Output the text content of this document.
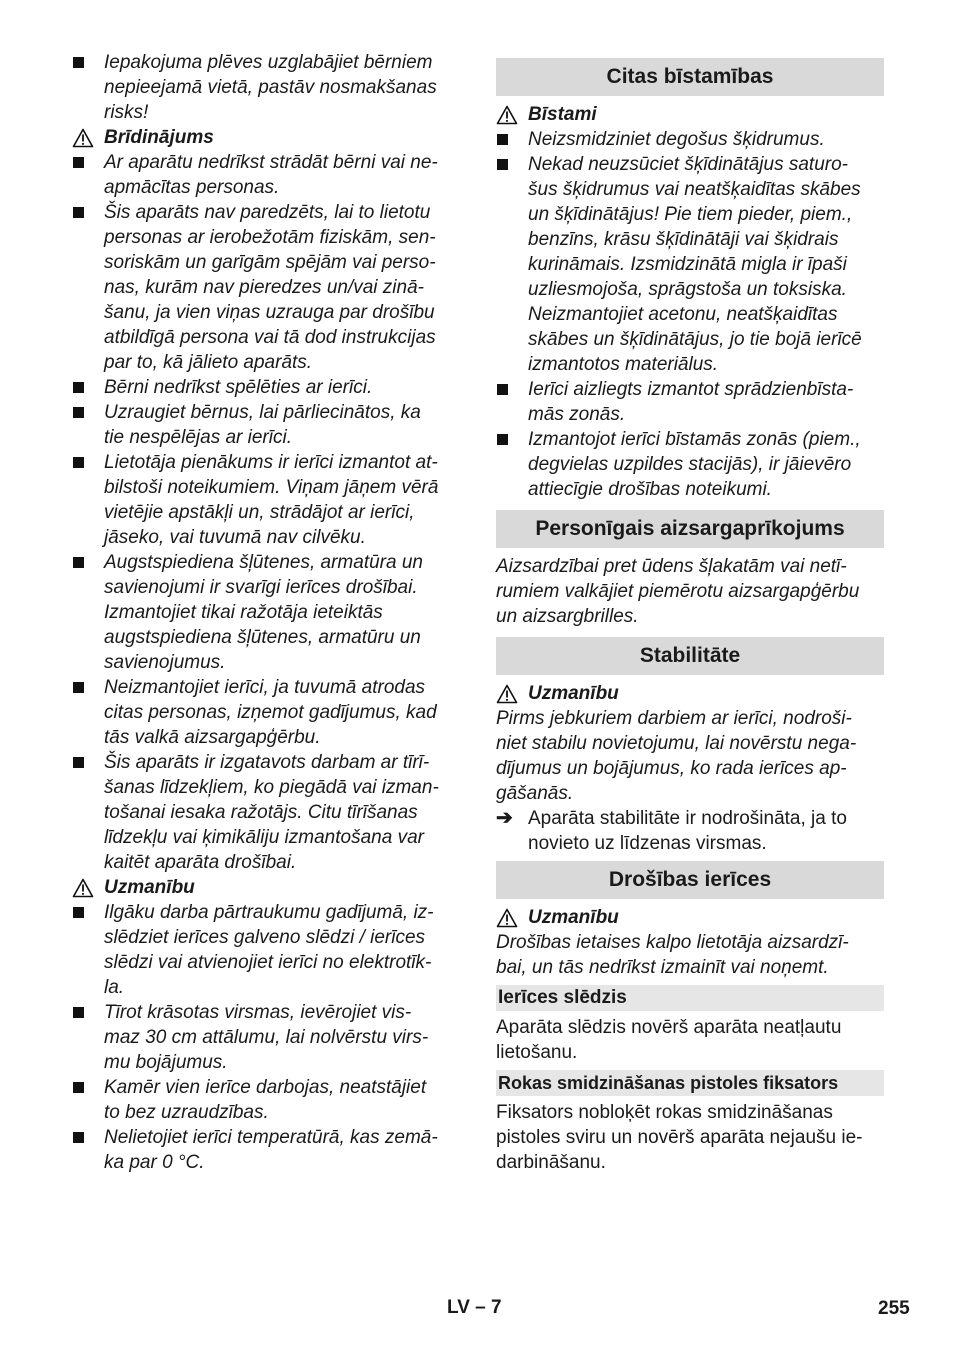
Iepakojuma plēves uzglabājiet bērniem
nepieejamā vietā, pastāv nosmakšanas
risks!
Brīdinājums
Ar aparātu nedrīkst strādāt bērni vai ne-
apmācītas personas.
Šis aparāts nav paredzēts, lai to lietotu
personas ar ierobežotām fiziskām, sen-
soriskām un garīgām spējām vai perso-
nas, kurām nav pieredzes un/vai zinā-
šanu, ja vien viņas uzrauga par drošību
atbildīgā persona vai tā dod instrukcijas
par to, kā jālieto aparāts.
Bērni nedrīkst spēlēties ar ierīci.
Uzraugiet bērnus, lai pārliecinātos, ka
tie nespēlējas ar ierīci.
Lietotāja pienākums ir ierīci izmantot at-
bilstoši noteikumiem. Viņam jāņem vērā
vietējie apstākļi un, strādājot ar ierīci,
jāseko, vai tuvumā nav cilvēku.
Augstspiediena šļūtenes, armatūra un
savienojumi ir svarīgi ierīces drošībai.
Izmantojiet tikai ražotāja ieteiktās
augstspiediena šļūtenes, armatūru un
savienojumus.
Neizmantojiet ierīci, ja tuvumā atrodas
citas personas, izņemot gadījumus, kad
tās valkā aizsargapģērbu.
Šis aparāts ir izgatavots darbam ar tīrī-
šanas līdzekļiem, ko piegādā vai izman-
tošanai iesaka ražotājs. Citu tīrīšanas
līdzekļu vai ķimikāliju izmantošana var
kaitēt aparāta drošībai.
Uzmanību
Ilgāku darba pārtraukumu gadījumā, iz-
slēdziet ierīces galveno slēdzi / ierīces
slēdzi vai atvienojiet ierīci no elektrotīk-
la.
Tīrot krāsotas virsmas, ievērojiet vis-
maz 30 cm attālumu, lai nolvērstu virs-
mu bojājumus.
Kamēr vien ierīce darbojas, neatstājiet
to bez uzraudzības.
Nelietojiet ierīci temperatūrā, kas zemā-
ka par 0 °C.
Citas bīstamības
Bīstami
Neizsmidziniet degošus šķidrumus.
Nekad neuzsūciet šķīdinātājus saturo-
šus šķidrumus vai neatšķaidītas skābes
un šķīdinātājus! Pie tiem pieder, piem.,
benzīns, krāsu šķīdinātāji vai šķidrais
kurināmais. Izsmidzinātā migla ir īpaši
uzliesmojoša, sprāgstoša un toksiska.
Neizmantojiet acetonu, neatšķaidītas
skābes un šķīdinātājus, jo tie bojā ierīcē
izmantotos materiālus.
Ierīci aizliegts izmantot sprādzienbīsta-
mās zonās.
Izmantojot ierīci bīstamās zonās (piem.,
degvielas uzpildes stacijās), ir jāievēro
attiecīgie drošības noteikumi.
Personīgais aizsargaprīkojums
Aizsardzībai pret ūdens šļakatām vai netī-
rumiem valkājiet piemērotu aizsargapģērbu
un aizsargbrilles.
Stabilitāte
Uzmanību
Pirms jebkuriem darbiem ar ierīci, nodroši-
niet stabilu novietojumu, lai novērstu nega-
dījumus un bojājumus, ko rada ierīces ap-
gāšanās.
➔ Aparāta stabilitāte ir nodrošināta, ja to
novieto uz līdzenas virsmas.
Drošības ierīces
Uzmanību
Drošības ietaises kalpo lietotāja aizsardzī-
bai, un tās nedrīkst izmainīt vai noņemt.
Ierīces slēdzis
Aparāta slēdzis novērš aparāta neatļautu
lietošanu.
Rokas smidzināšanas pistoles fiksators
Fiksators nobloķēt rokas smidzināšanas
pistoles sviru un novērš aparāta nejaušu ie-
darbināšanu.
LV – 7	255
